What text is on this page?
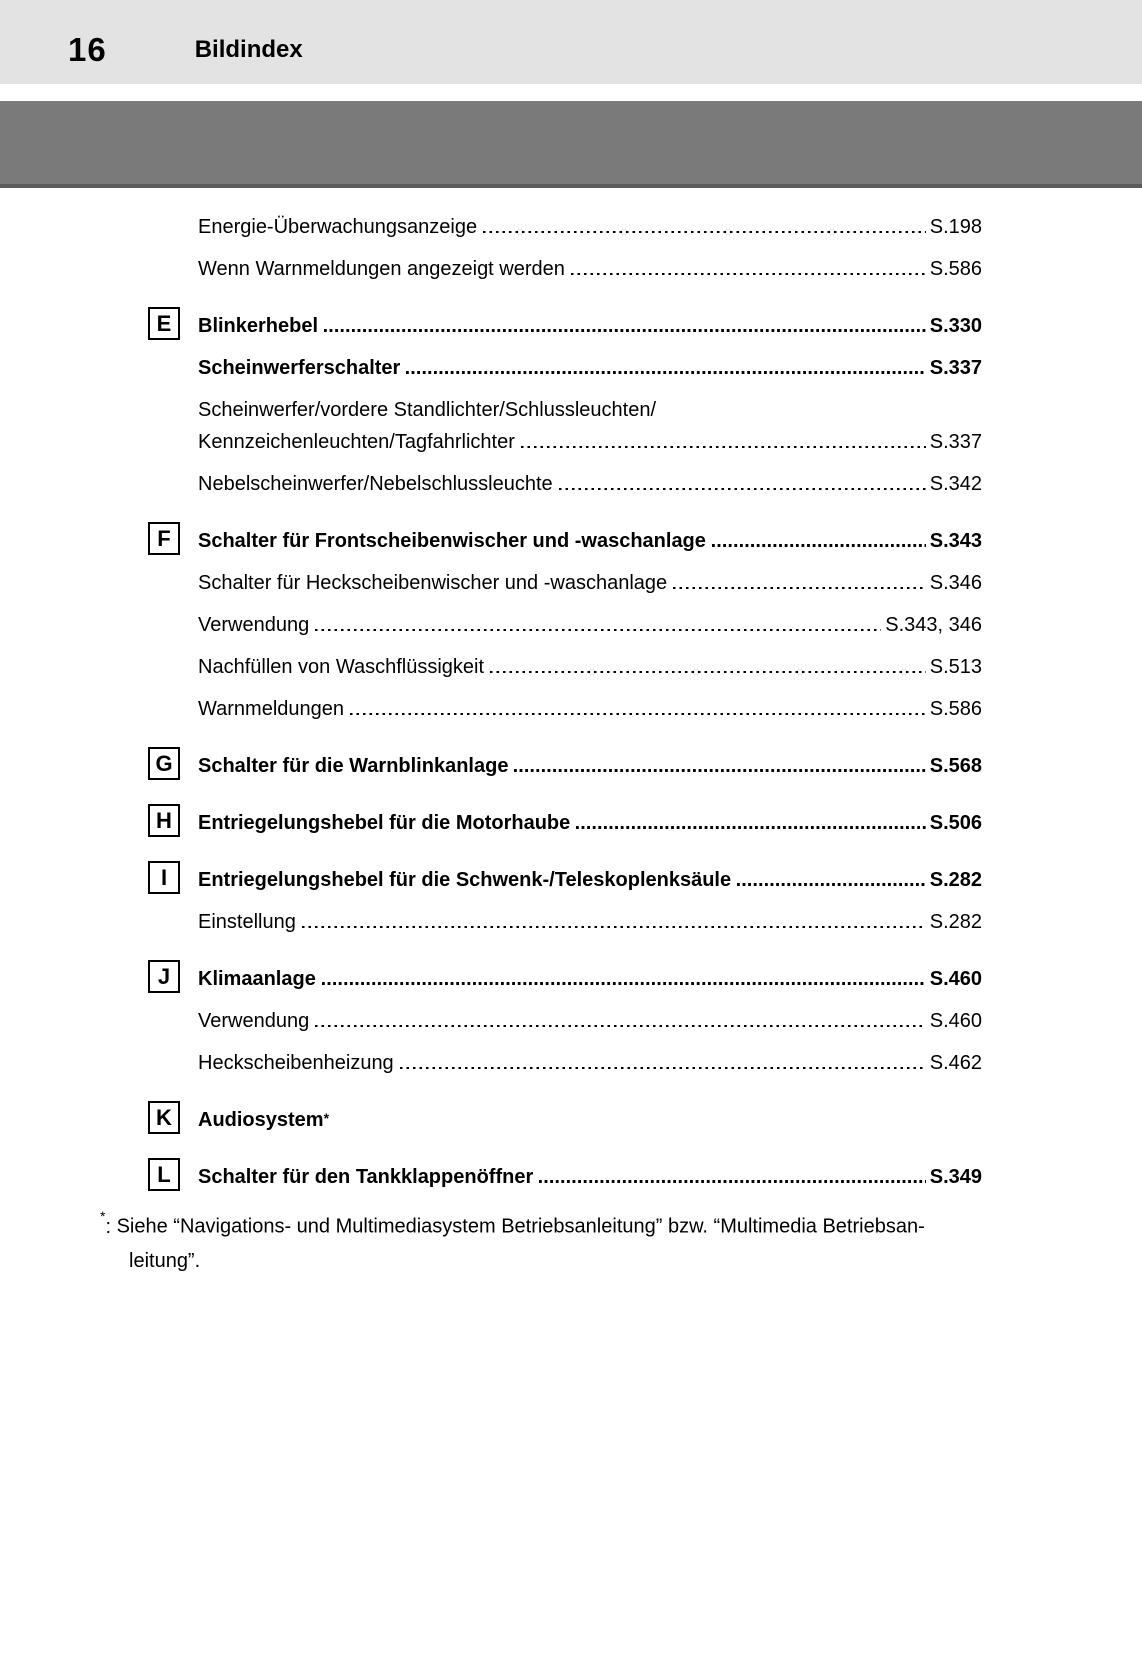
16	Bildindex
Energie-Überwachungsanzeige	S.198
Wenn Warnmeldungen angezeigt werden	S.586
E	Blinkerhebel	S.330
Scheinwerferschalter	S.337
Scheinwerfer/vordere Standlichter/Schlussleuchten/
Kennzeichenleuchten/Tagfahrlichter	S.337
Nebelscheinwerfer/Nebelschlussleuchte	S.342
F	Schalter für Frontscheibenwischer und -waschanlage	S.343
Schalter für Heckscheibenwischer und -waschanlage	S.346
Verwendung	S.343, 346
Nachfüllen von Waschflüssigkeit	S.513
Warnmeldungen	S.586
G	Schalter für die Warnblinkanlage	S.568
H	Entriegelungshebel für die Motorhaube	S.506
I	Entriegelungshebel für die Schwenk-/Teleskoplenksäule	S.282
Einstellung	S.282
J	Klimaanlage	S.460
Verwendung	S.460
Heckscheibenheizung	S.462
K	Audiosystem *
L	Schalter für den Tankklappenöffner	S.349
*: Siehe “Navigations- und Multimediasystem Betriebsanleitung” bzw. “Multimedia Betriebsan-
leitung”.
